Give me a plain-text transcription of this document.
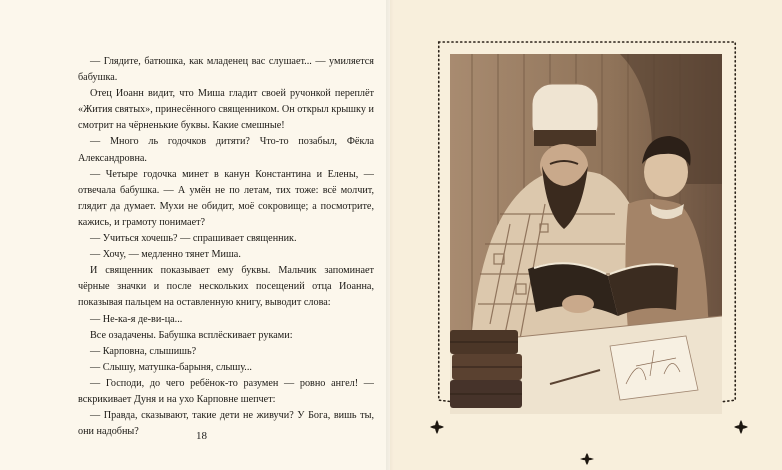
— Глядите, батюшка, как младенец вас слушает... — умиляется бабушка.

Отец Иоанн видит, что Миша гладит своей ручонкой переплёт «Жития святых», принесённого священником. Он открыл крышку и смотрит на чёрненькие буквы. Какие смешные!

— Много ль годочков дитяти? Что-то позабыл, Фёкла Александровна.

— Четыре годочка минет в канун Константина и Елены, — отвечала бабушка. — А умён не по летам, тих тоже: всё молчит, глядит да думает. Мухи не обидит, моё сокровище; а посмотрите, кажись, и грамоту понимает?

— Учиться хочешь? — спрашивает священник.

— Хочу, — медленно тянет Миша.

И священник показывает ему буквы. Мальчик запоминает чёрные значки и после нескольких посещений отца Иоанна, показывая пальцем на оставленную книгу, выводит слова:

— Не-ка-я де-ви-ца...

Все озадачены. Бабушка всплёскивает руками:

— Карповна, слышишь?

— Слышу, матушка-барыня, слышу...

— Господи, до чего ребёнок-то разумен — ровно ангел! — вскрикивает Дуня и на ухо Карповне шепчет:

— Правда, сказывают, такие дети не живучи? У Бога, вишь ты, они надобны?	18
